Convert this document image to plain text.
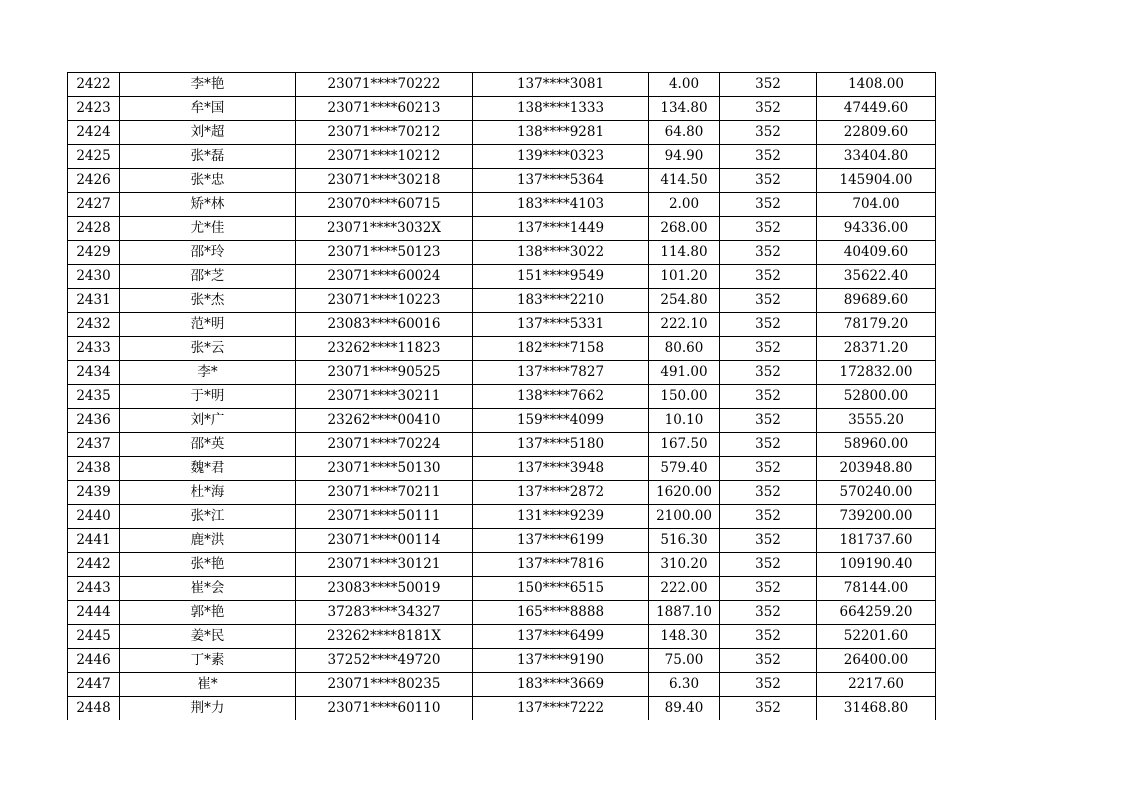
2422	李*艳	23071****70222	137****3081	4.00	352	1408.00
2423	牟*国	23071****60213	138****1333	134.80	352	47449.60
2424	刘*超	23071****70212	138****9281	64.80	352	22809.60
2425	张*磊	23071****10212	139****0323	94.90	352	33404.80
2426	张*忠	23071****30218	137****5364	414.50	352	145904.00
2427	矫*林	23070****60715	183****4103	2.00	352	704.00
2428	尤*佳	23071****3032X	137****1449	268.00	352	94336.00
2429	邵*玲	23071****50123	138****3022	114.80	352	40409.60
2430	邵*芝	23071****60024	151****9549	101.20	352	35622.40
2431	张*杰	23071****10223	183****2210	254.80	352	89689.60
2432	范*明	23083****60016	137****5331	222.10	352	78179.20
2433	张*云	23262****11823	182****7158	80.60	352	28371.20
2434	李*	23071****90525	137****7827	491.00	352	172832.00
2435	于*明	23071****30211	138****7662	150.00	352	52800.00
2436	刘*广	23262****00410	159****4099	10.10	352	3555.20
2437	邵*英	23071****70224	137****5180	167.50	352	58960.00
2438	魏*君	23071****50130	137****3948	579.40	352	203948.80
2439	杜*海	23071****70211	137****2872	1620.00	352	570240.00
2440	张*江	23071****50111	131****9239	2100.00	352	739200.00
2441	鹿*洪	23071****00114	137****6199	516.30	352	181737.60
2442	张*艳	23071****30121	137****7816	310.20	352	109190.40
2443	崔*会	23083****50019	150****6515	222.00	352	78144.00
2444	郭*艳	37283****34327	165****8888	1887.10	352	664259.20
2445	姜*民	23262****8181X	137****6499	148.30	352	52201.60
2446	丁*素	37252****49720	137****9190	75.00	352	26400.00
2447	崔*	23071****80235	183****3669	6.30	352	2217.60
2448	荆*力	23071****60110	137****7222	89.40	352	31468.80
